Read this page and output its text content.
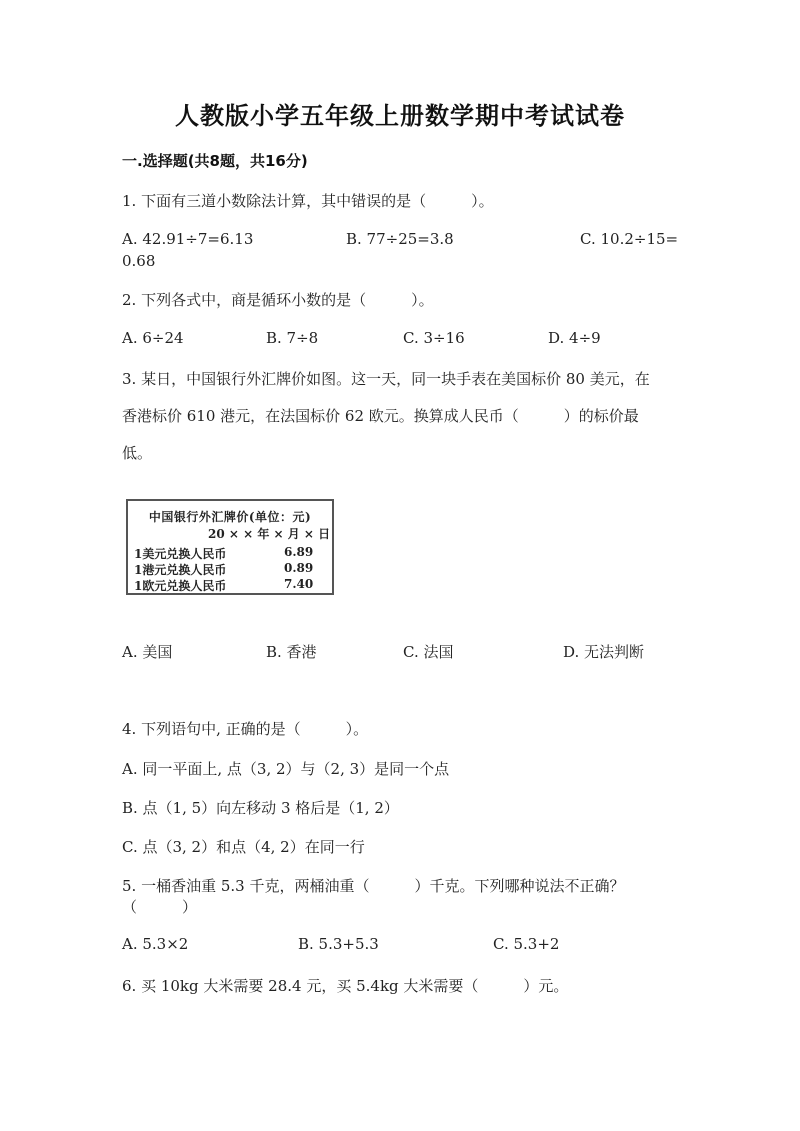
人教版小学五年级上册数学期中考试试卷
一.选择题(共8题，共16分)
1. 下面有三道小数除法计算，其中错误的是（　　　）。
A. 42.91÷7=6.13	B. 77÷25=3.8	C. 10.2÷15=
0.68
2. 下列各式中，商是循环小数的是（　　　）。
A. 6÷24	B. 7÷8	C. 3÷16	D. 4÷9
3. 某日，中国银行外汇牌价如图。这一天，同一块手表在美国标价 80 美元，在
香港标价 610 港元，在法国标价 62 欧元。换算成人民币（　　　）的标价最
低。
中国银行外汇牌价(单位：元)
20 × × 年 × 月 × 日
1美元兑换人民币	6.89
1港元兑换人民币	0.89
1欧元兑换人民币	7.40
A. 美国	B. 香港	C. 法国	D. 无法判断
4. 下列语句中, 正确的是（　　　）。
A. 同一平面上, 点（3, 2）与（2, 3）是同一个点
B. 点（1, 5）向左移动 3 格后是（1, 2）
C. 点（3, 2）和点（4, 2）在同一行
5. 一桶香油重 5.3 千克，两桶油重（　　　）千克。下列哪种说法不正确？
（　　　）
A. 5.3×2	B. 5.3+5.3	C. 5.3+2
6. 买 10kg 大米需要 28.4 元，买 5.4kg 大米需要（　　　）元。
